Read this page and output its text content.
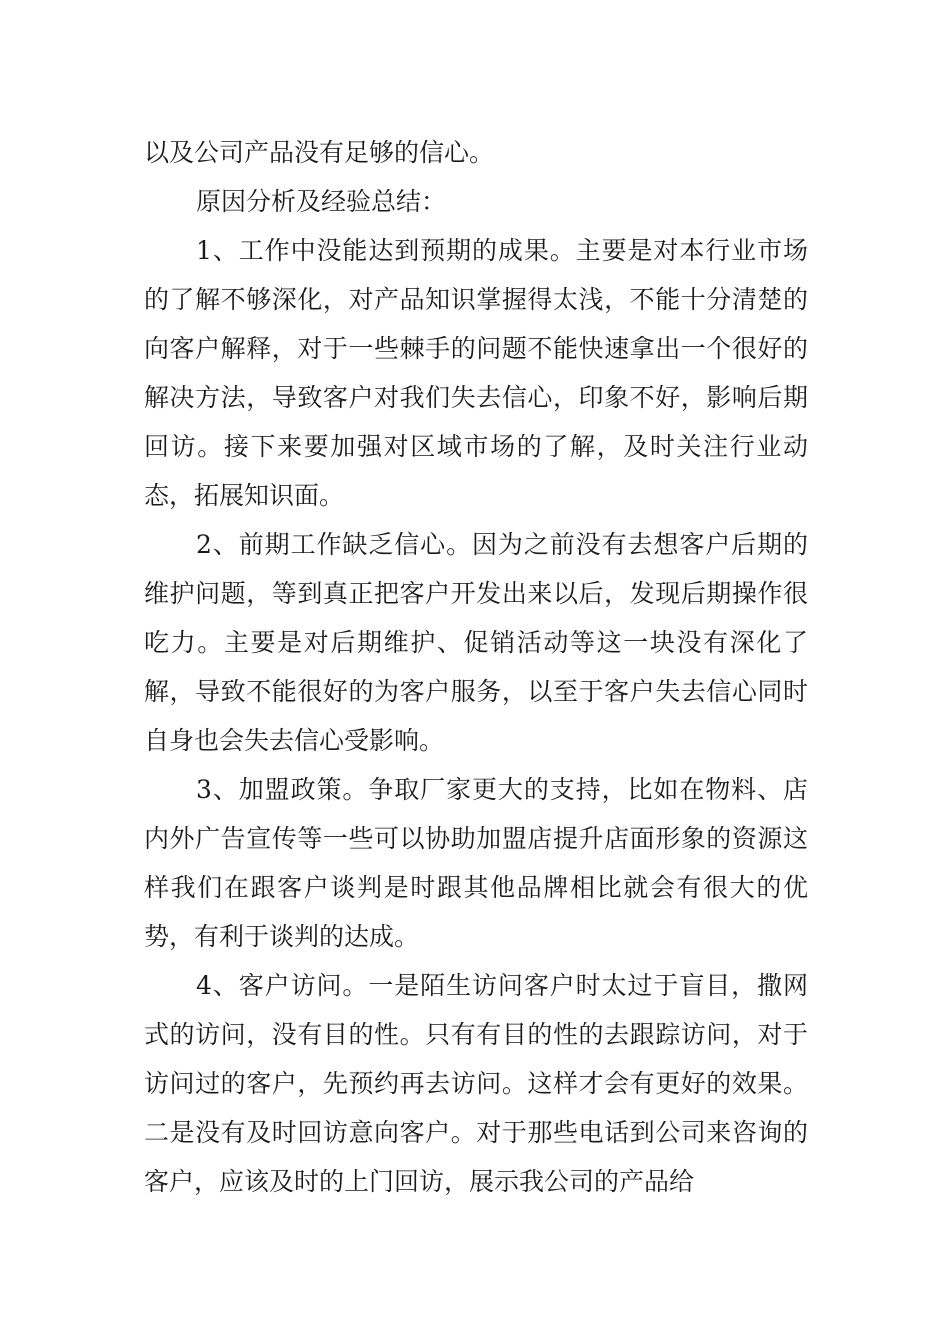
以及公司产品没有足够的信心。

原因分析及经验总结：

1、工作中没能达到预期的成果。主要是对本行业市场的了解不够深化，对产品知识掌握得太浅，不能十分清楚的向客户解释，对于一些棘手的问题不能快速拿出一个很好的解决方法，导致客户对我们失去信心，印象不好，影响后期回访。接下来要加强对区域市场的了解，及时关注行业动态，拓展知识面。

2、前期工作缺乏信心。因为之前没有去想客户后期的维护问题，等到真正把客户开发出来以后，发现后期操作很吃力。主要是对后期维护、促销活动等这一块没有深化了解，导致不能很好的为客户服务，以至于客户失去信心同时自身也会失去信心受影响。

3、加盟政策。争取厂家更大的支持，比如在物料、店内外广告宣传等一些可以协助加盟店提升店面形象的资源这样我们在跟客户谈判是时跟其他品牌相比就会有很大的优势，有利于谈判的达成。

4、客户访问。一是陌生访问客户时太过于盲目，撒网式的访问，没有目的性。只有有目的性的去跟踪访问，对于访问过的客户，先预约再去访问。这样才会有更好的效果。二是没有及时回访意向客户。对于那些电话到公司来咨询的客户，应该及时的上门回访，展示我公司的产品给
